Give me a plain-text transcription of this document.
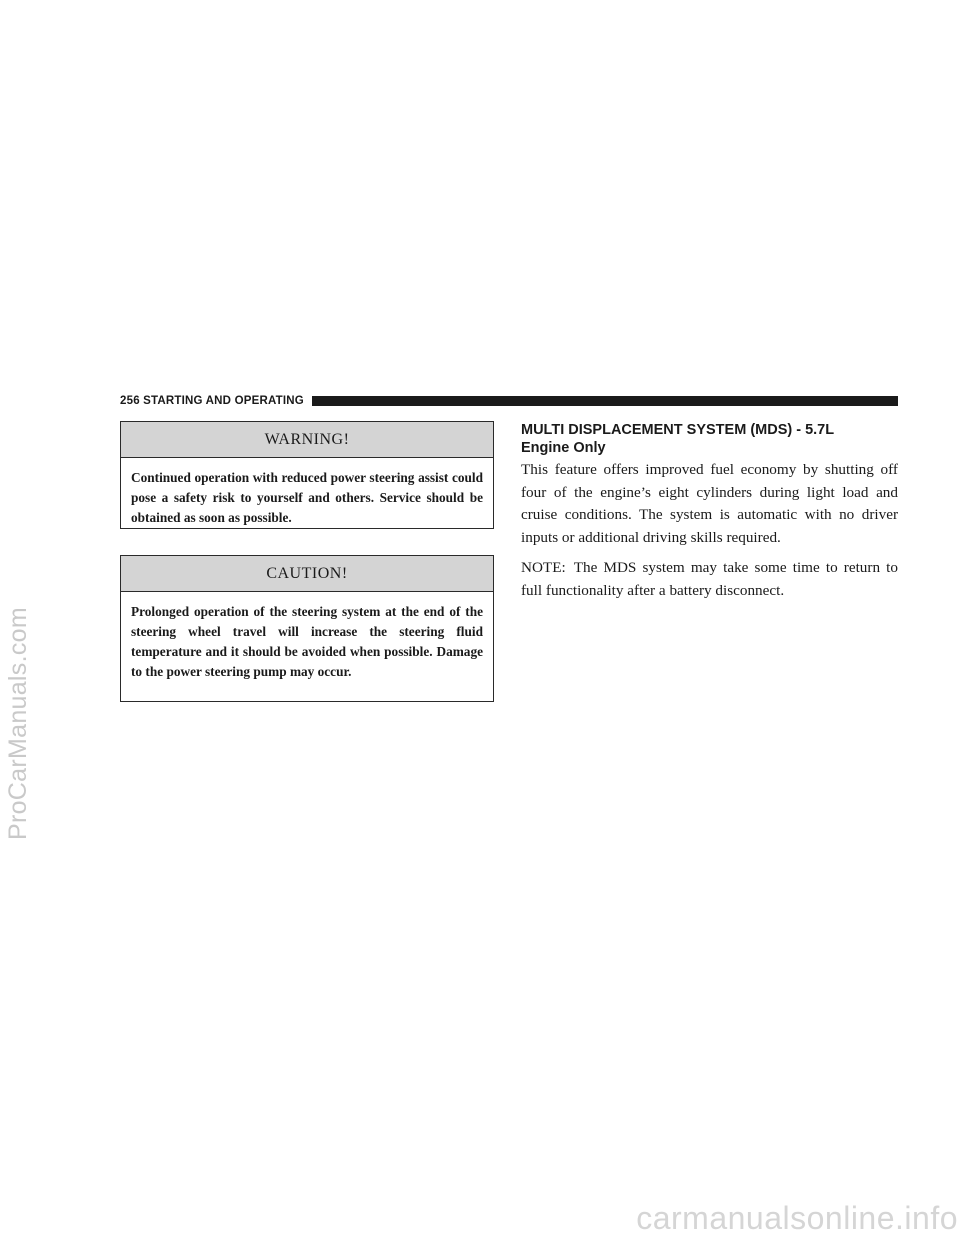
ProCarManuals.com
256 STARTING AND OPERATING
WARNING!
Continued operation with reduced power steering assist could pose a safety risk to yourself and others. Service should be obtained as soon as possible.
CAUTION!
Prolonged operation of the steering system at the end of the steering wheel travel will increase the steering fluid temperature and it should be avoided when possible. Damage to the power steering pump may occur.
MULTI DISPLACEMENT SYSTEM (MDS) - 5.7L
Engine Only

This feature offers improved fuel economy by shutting off four of the engine’s eight cylinders during light load and cruise conditions. The system is automatic with no driver inputs or additional driving skills required.

NOTE: The MDS system may take some time to return to full functionality after a battery disconnect.

carmanualsonline.info
